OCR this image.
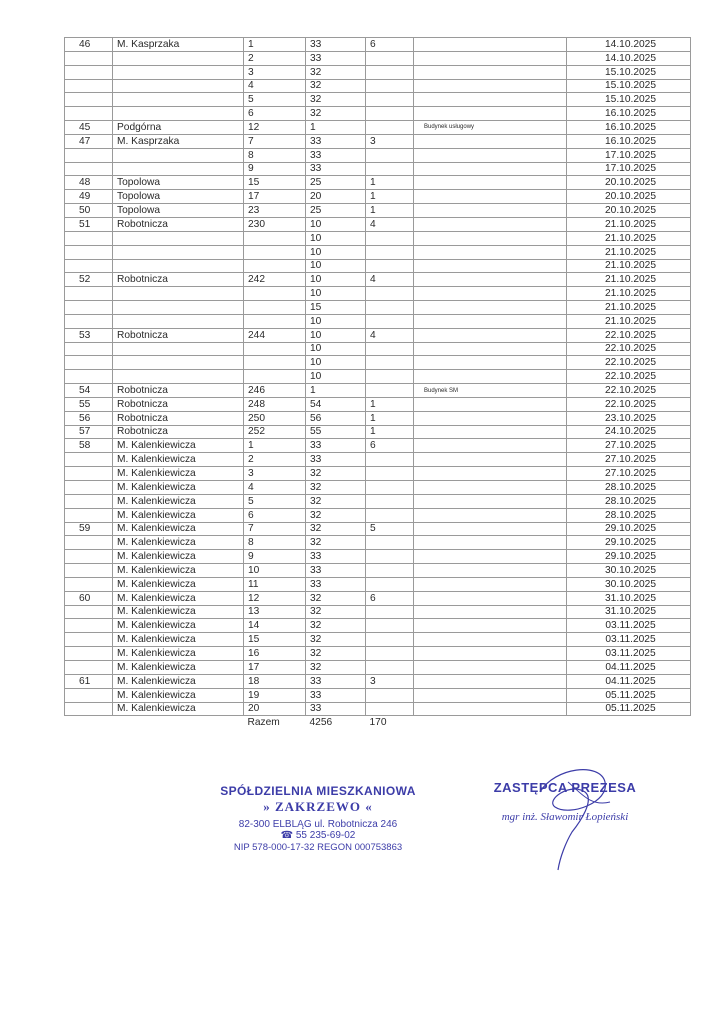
46	M. Kasprzaka	1	33	6		14.10.2025
		2	33			14.10.2025
		3	32			15.10.2025
		4	32			15.10.2025
		5	32			15.10.2025
		6	32			16.10.2025
45	Podgórna	12	1		Budynek usługowy	16.10.2025
47	M. Kasprzaka	7	33	3		16.10.2025
		8	33			17.10.2025
		9	33			17.10.2025
48	Topolowa	15	25	1		20.10.2025
49	Topolowa	17	20	1		20.10.2025
50	Topolowa	23	25	1		20.10.2025
51	Robotnicza	230	10	4		21.10.2025
			10			21.10.2025
			10			21.10.2025
			10			21.10.2025
52	Robotnicza	242	10	4		21.10.2025
			10			21.10.2025
			15			21.10.2025
			10			21.10.2025
53	Robotnicza	244	10	4		22.10.2025
			10			22.10.2025
			10			22.10.2025
			10			22.10.2025
54	Robotnicza	246	1		Budynek SM	22.10.2025
55	Robotnicza	248	54	1		22.10.2025
56	Robotnicza	250	56	1		23.10.2025
57	Robotnicza	252	55	1		24.10.2025
58	M. Kalenkiewicza	1	33	6		27.10.2025
	M. Kalenkiewicza	2	33			27.10.2025
	M. Kalenkiewicza	3	32			27.10.2025
	M. Kalenkiewicza	4	32			28.10.2025
	M. Kalenkiewicza	5	32			28.10.2025
	M. Kalenkiewicza	6	32			28.10.2025
59	M. Kalenkiewicza	7	32	5		29.10.2025
	M. Kalenkiewicza	8	32			29.10.2025
	M. Kalenkiewicza	9	33			29.10.2025
	M. Kalenkiewicza	10	33			30.10.2025
	M. Kalenkiewicza	11	33			30.10.2025
60	M. Kalenkiewicza	12	32	6		31.10.2025
	M. Kalenkiewicza	13	32			31.10.2025
	M. Kalenkiewicza	14	32			03.11.2025
	M. Kalenkiewicza	15	32			03.11.2025
	M. Kalenkiewicza	16	32			03.11.2025
	M. Kalenkiewicza	17	32			04.11.2025
61	M. Kalenkiewicza	18	33	3		04.11.2025
	M. Kalenkiewicza	19	33			05.11.2025
	M. Kalenkiewicza	20	33			05.11.2025
		Razem	4256	170		
SPÓŁDZIELNIA MIESZKANIOWA
» ZAKRZEWO «
82-300 ELBLĄG ul. Robotnicza 246
☎ 55 235-69-02
NIP 578-000-17-32 REGON 000753863
ZASTĘPCA PREZESA
mgr inż. Sławomir Łopieński
